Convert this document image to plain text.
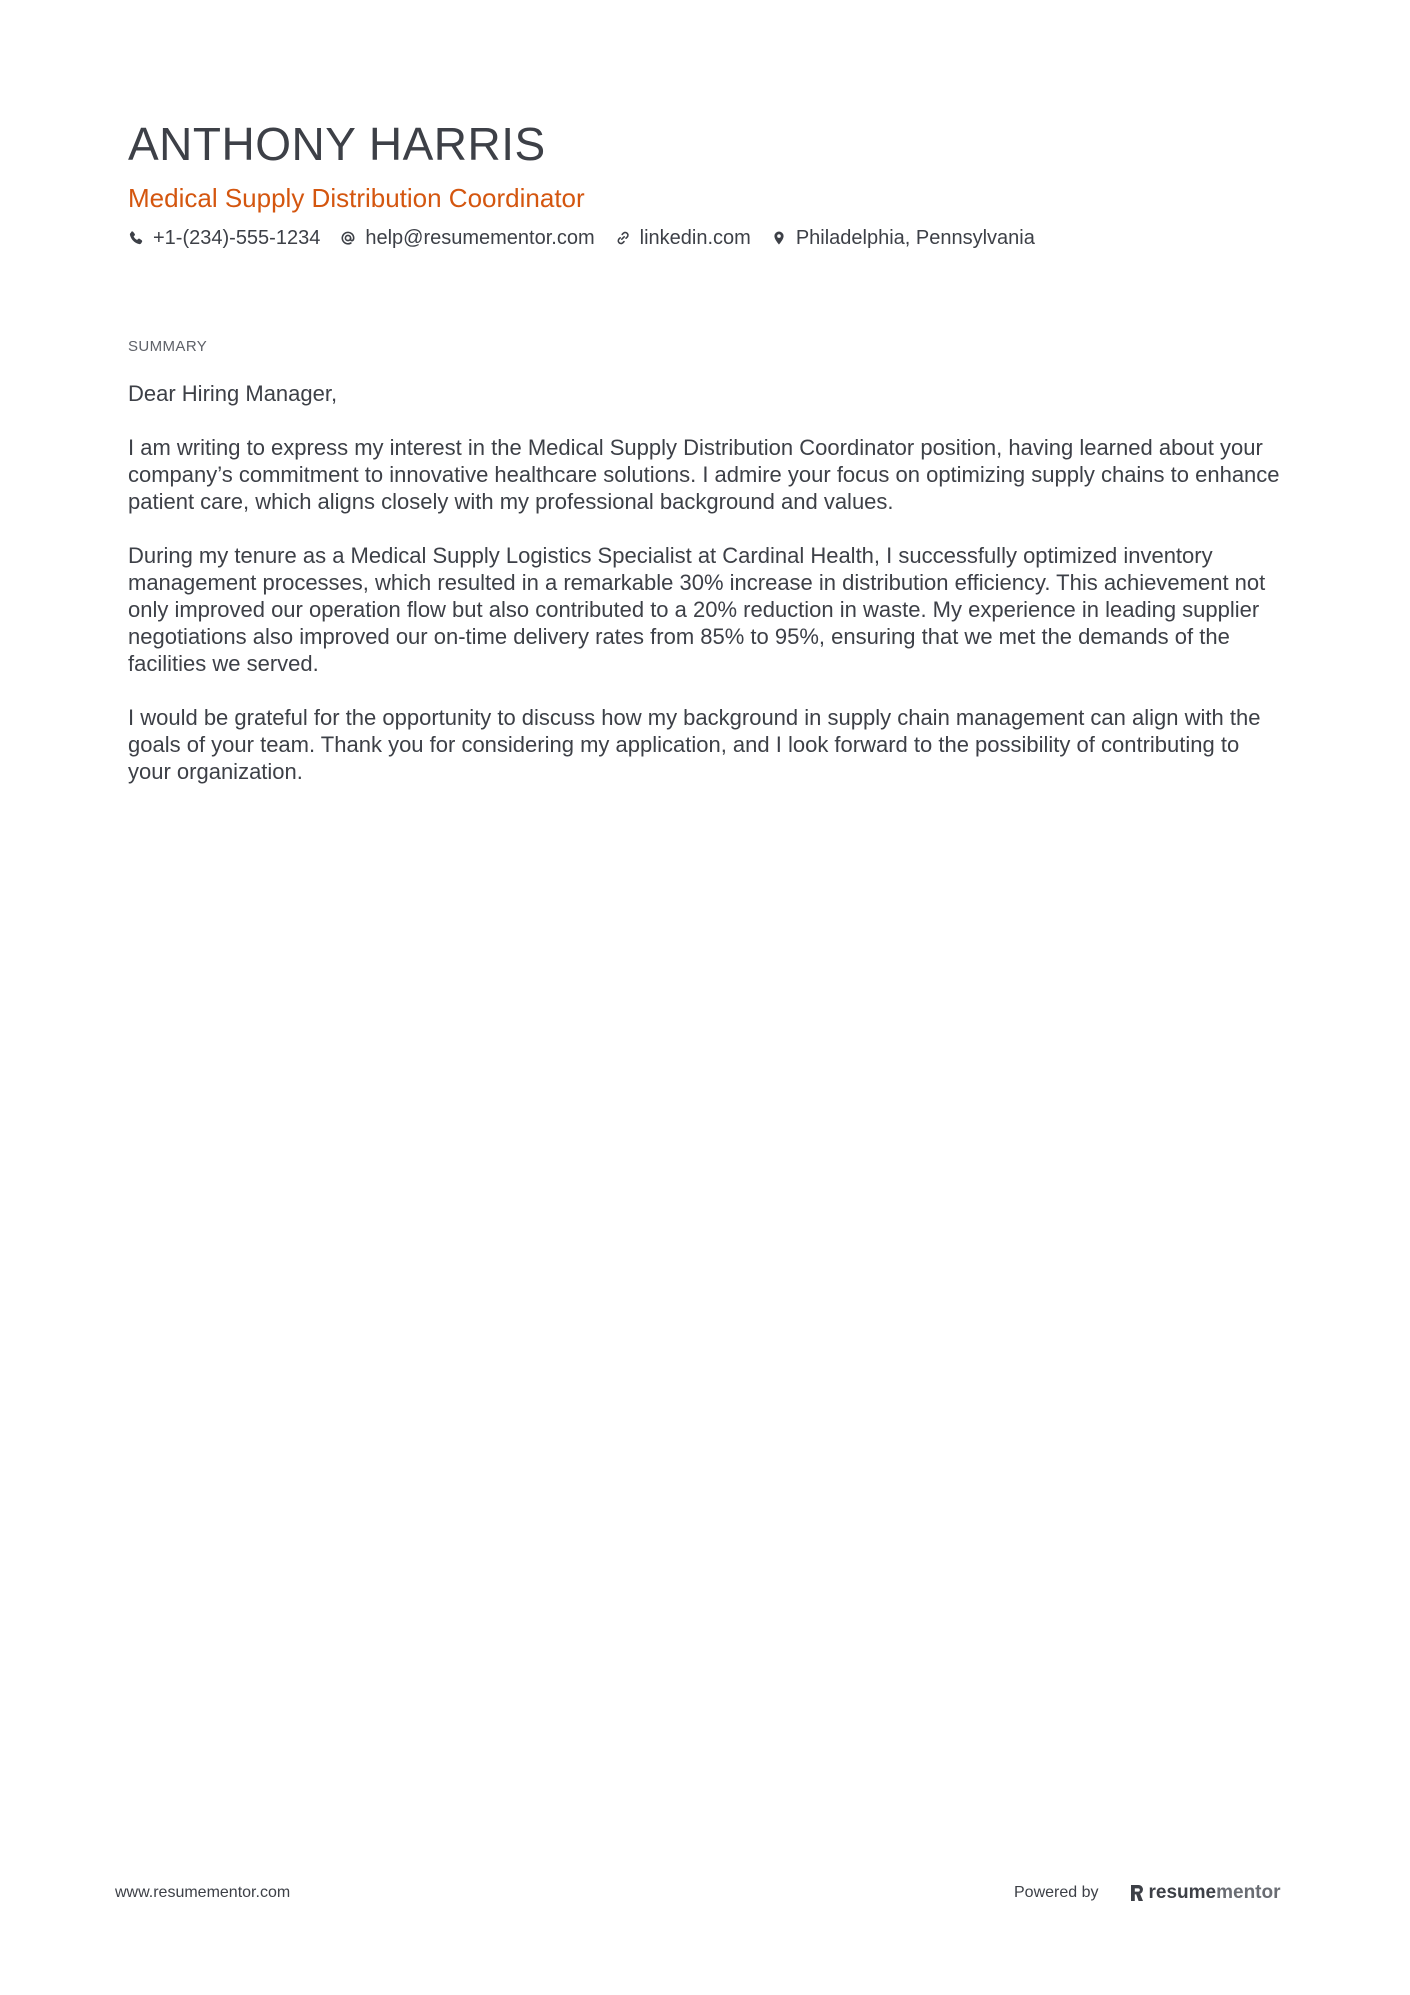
ANTHONY HARRIS
Medical Supply Distribution Coordinator
+1-(234)-555-1234 help@resumementor.com linkedin.com Philadelphia, Pennsylvania
SUMMARY

Dear Hiring Manager,

I am writing to express my interest in the Medical Supply Distribution Coordinator position, having learned about your company’s commitment to innovative healthcare solutions. I admire your focus on optimizing supply chains to enhance patient care, which aligns closely with my professional background and values.

During my tenure as a Medical Supply Logistics Specialist at Cardinal Health, I successfully optimized inventory management processes, which resulted in a remarkable 30% increase in distribution efficiency. This achievement not only improved our operation flow but also contributed to a 20% reduction in waste. My experience in leading supplier negotiations also improved our on-time delivery rates from 85% to 95%, ensuring that we met the demands of the facilities we served.

I would be grateful for the opportunity to discuss how my background in supply chain management can align with the goals of your team. Thank you for considering my application, and I look forward to the possibility of contributing to your organization.

www.resumementor.com	Powered by	resume mentor
